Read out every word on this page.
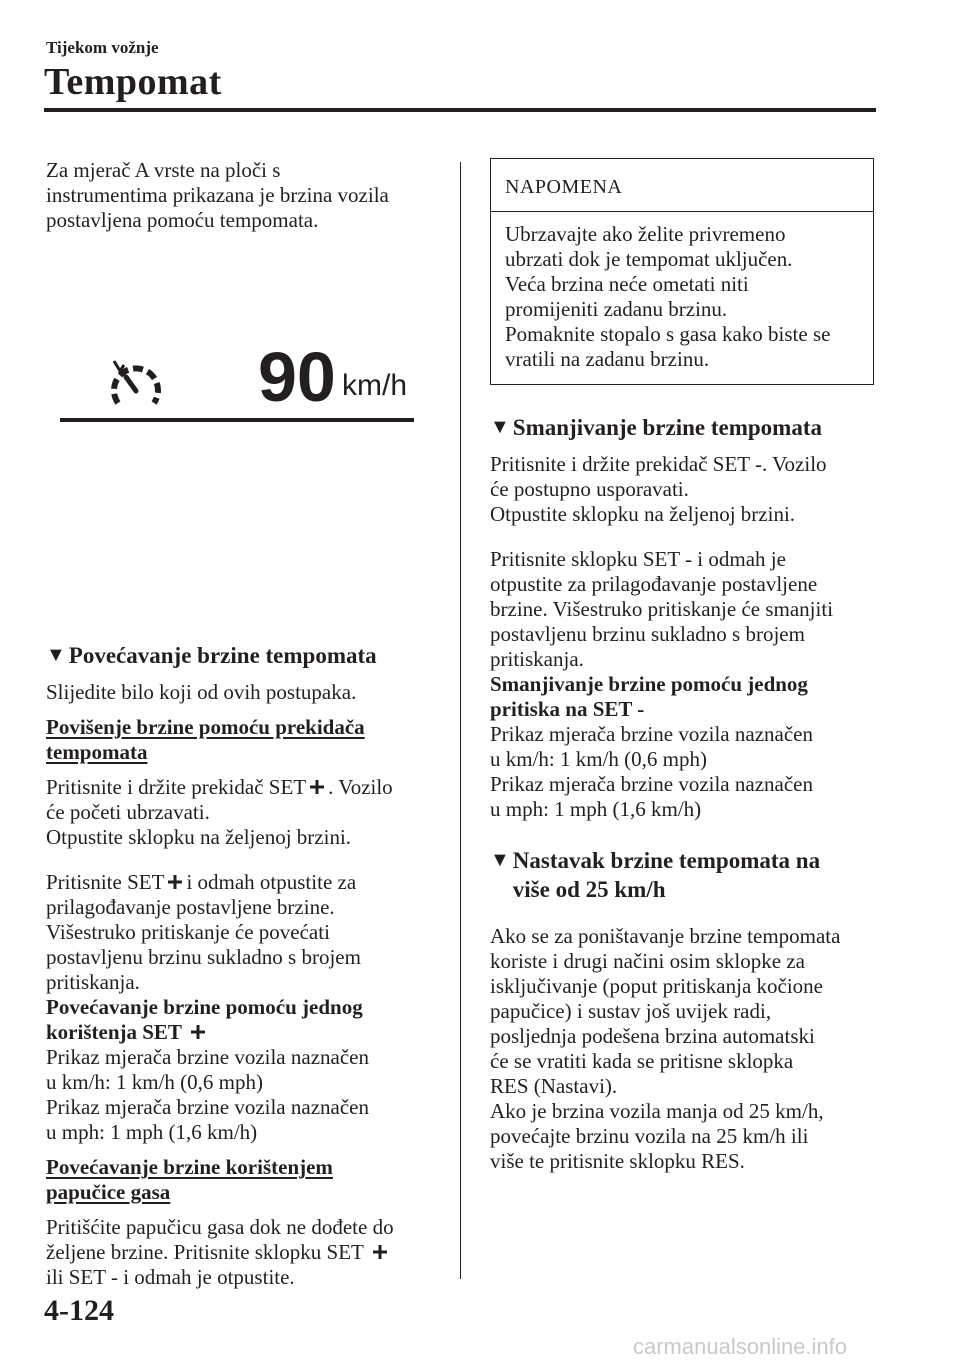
Tijekom vožnje
Tempomat

Za mjerač A vrste na ploči s
instrumentima prikazana je brzina vozila
postavljena pomoću tempomata.

90 km/h
▼ Povećavanje brzine tempomata

Slijedite bilo koji od ovih postupaka.

Povišenje brzine pomoću prekidača
tempomata

Pritisnite i držite prekidač SET . Vozilo
će početi ubrzavati.
Otpustite sklopku na željenoj brzini.

Pritisnite SET i odmah otpustite za
prilagođavanje postavljene brzine.
Višestruko pritiskanje će povećati
postavljenu brzinu sukladno s brojem
pritiskanja.
Povećavanje brzine pomoću jednog
korištenja SET
Prikaz mjerača brzine vozila naznačen
u km/h: 1 km/h (0,6 mph)
Prikaz mjerača brzine vozila naznačen
u mph: 1 mph (1,6 km/h)

Povećavanje brzine korištenjem
papučice gasa

Pritišćite papučicu gasa dok ne dođete do
željene brzine. Pritisnite sklopku SET
ili SET - i odmah je otpustite.

NAPOMENA
Ubrzavajte ako želite privremeno
ubrzati dok je tempomat uključen.
Veća brzina neće ometati niti
promijeniti zadanu brzinu.
Pomaknite stopalo s gasa kako biste se
vratili na zadanu brzinu.
▼ Smanjivanje brzine tempomata

Pritisnite i držite prekidač SET -. Vozilo
će postupno usporavati.
Otpustite sklopku na željenoj brzini.

Pritisnite sklopku SET - i odmah je
otpustite za prilagođavanje postavljene
brzine. Višestruko pritiskanje će smanjiti
postavljenu brzinu sukladno s brojem
pritiskanja.
Smanjivanje brzine pomoću jednog
pritiska na SET -
Prikaz mjerača brzine vozila naznačen
u km/h: 1 km/h (0,6 mph)
Prikaz mjerača brzine vozila naznačen
u mph: 1 mph (1,6 km/h)

▼ Nastavak brzine tempomata na
više od 25 km/h

Ako se za poništavanje brzine tempomata
koriste i drugi načini osim sklopke za
isključivanje (poput pritiskanja kočione
papučice) i sustav još uvijek radi,
posljednja podešena brzina automatski
će se vratiti kada se pritisne sklopka
RES (Nastavi).
Ako je brzina vozila manja od 25 km/h,
povećajte brzinu vozila na 25 km/h ili
više te pritisnite sklopku RES.

4-124
carmanualsonline.info
